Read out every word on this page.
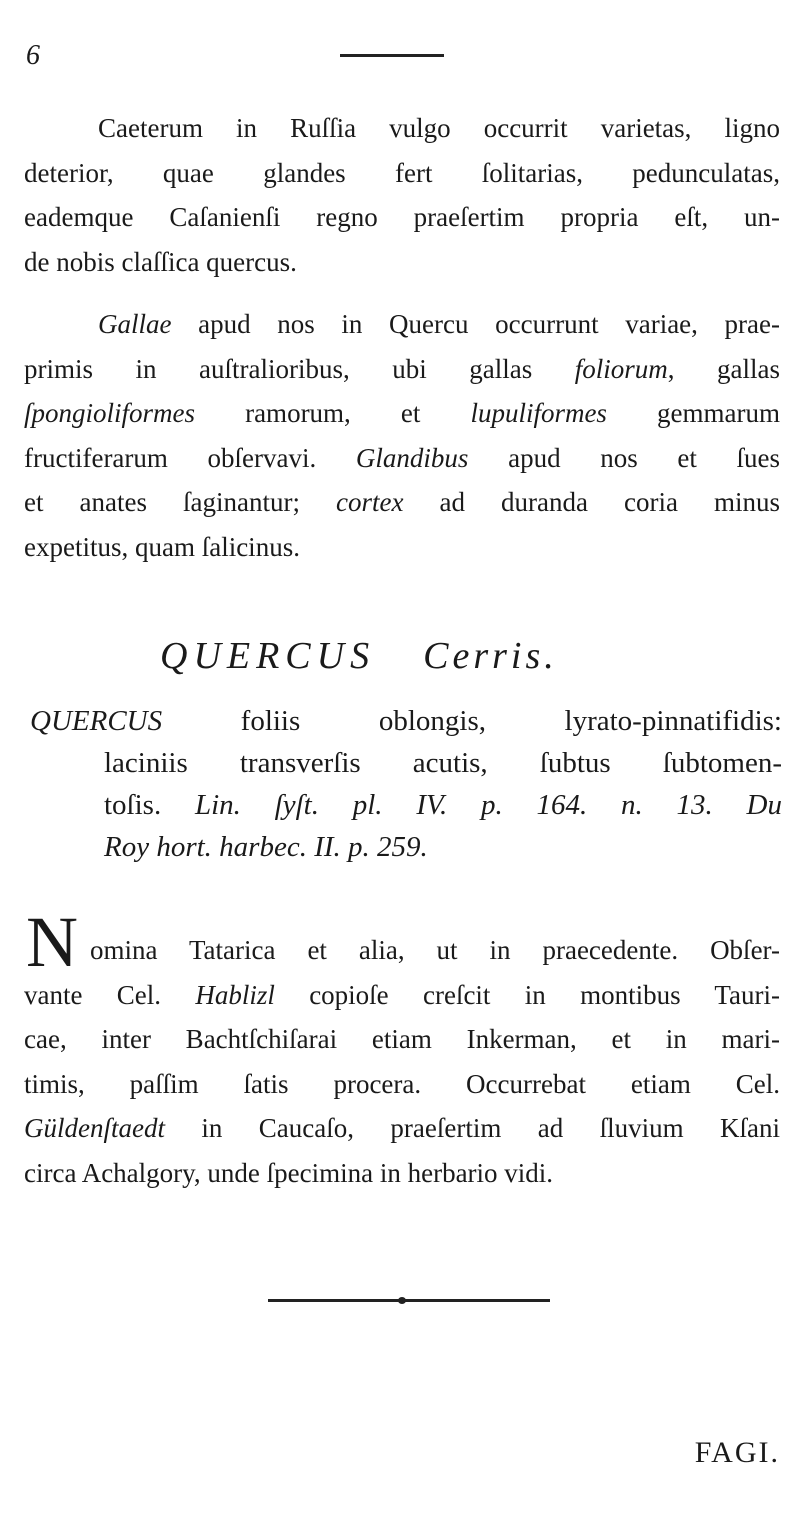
6

Caeterum in Ruſſia vulgo occurrit varietas, ligno
deterior, quae glandes fert ſolitarias, pedunculatas,
eademque Caſanienſi regno praeſertim propria eſt, un-
de nobis claſſica quercus.

Gallae apud nos in Quercu occurrunt variae, prae-
primis in auſtralioribus, ubi gallas foliorum, gallas
ſpongioliformes ramorum, et lupuliformes gemmarum
fructiferarum obſervavi. Glandibus apud nos et ſues
et anates ſaginantur; cortex ad duranda coria minus
expetitus, quam ſalicinus.

QUERCUS Cerris.

QUERCUS foliis oblongis, lyrato-pinnatifidis:
laciniis transverſis acutis, ſubtus ſubtomen-
toſis. Lin. ſyſt. pl. IV. p. 164. n. 13. Du
Roy hort. harbec. II. p. 259.

N omina Tatarica et alia, ut in praecedente. Obſer-
vante Cel. Hablizl copioſe creſcit in montibus Tauri-
cae, inter Bachtſchiſarai etiam Inkerman, et in mari-
timis, paſſim ſatis procera. Occurrebat etiam Cel.
Güldenſtaedt in Caucaſo, praeſertim ad ſluvium Kſani
circa Achalgory, unde ſpecimina in herbario vidi.

FAGI.
